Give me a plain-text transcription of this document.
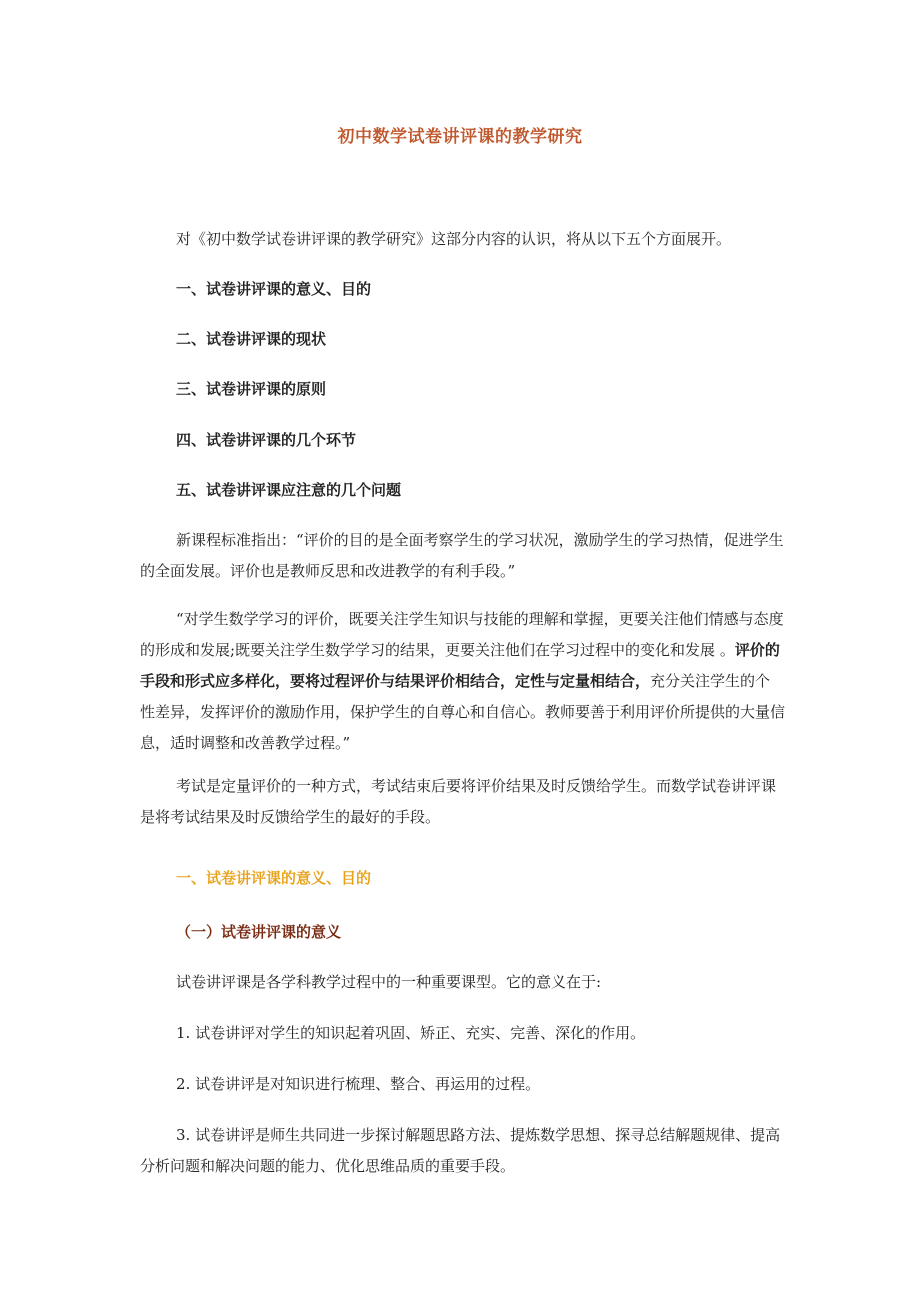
初中数学试卷讲评课的教学研究
对《初中数学试卷讲评课的教学研究》这部分内容的认识，将从以下五个方面展开。
一、试卷讲评课的意义、目的
二、试卷讲评课的现状
三、试卷讲评课的原则
四、试卷讲评课的几个环节
五、试卷讲评课应注意的几个问题
新课程标准指出：“评价的目的是全面考察学生的学习状况，激励学生的学习热情，促进学生的全面发展。评价也是教师反思和改进教学的有利手段。”
“对学生数学学习的评价，既要关注学生知识与技能的理解和掌握，更要关注他们情感与态度的形成和发展;既要关注学生数学学习的结果，更要关注他们在学习过程中的变化和发展 。评价的手段和形式应多样化，要将过程评价与结果评价相结合，定性与定量相结合，充分关注学生的个性差异，发挥评价的激励作用，保护学生的自尊心和自信心。教师要善于利用评价所提供的大量信息，适时调整和改善教学过程。”
考试是定量评价的一种方式，考试结束后要将评价结果及时反馈给学生。而数学试卷讲评课是将考试结果及时反馈给学生的最好的手段。
一、试卷讲评课的意义、目的
（一）试卷讲评课的意义
试卷讲评课是各学科教学过程中的一种重要课型。它的意义在于:
1. 试卷讲评对学生的知识起着巩固、矫正、充实、完善、深化的作用。
2. 试卷讲评是对知识进行梳理、整合、再运用的过程。
3. 试卷讲评是师生共同进一步探讨解题思路方法、提炼数学思想、探寻总结解题规律、提高分析问题和解决问题的能力、优化思维品质的重要手段。
